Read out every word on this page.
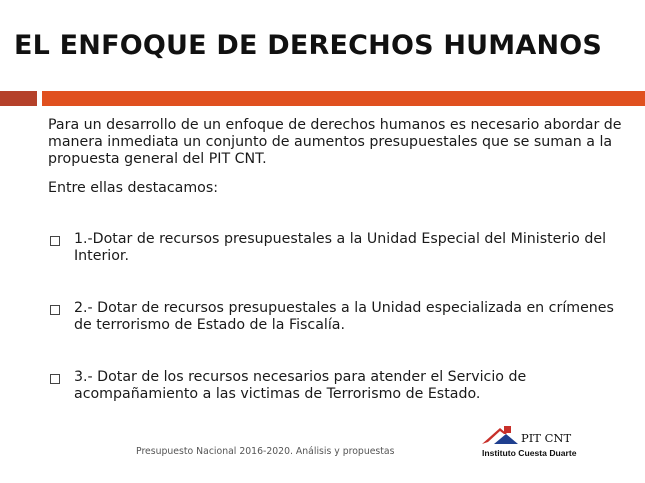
EL ENFOQUE DE DERECHOS HUMANOS
Para un desarrollo de un enfoque de derechos humanos es necesario abordar de manera inmediata un conjunto de aumentos presupuestales que se suman a la propuesta general del PIT CNT.
Entre ellas destacamos:
1.-Dotar de recursos presupuestales a la Unidad Especial del Ministerio del Interior.
2.- Dotar de recursos presupuestales a la Unidad especializada en crímenes de terrorismo de Estado de la Fiscalía.
3.- Dotar de los recursos necesarios para atender el Servicio de acompañamiento a las victimas de Terrorismo de Estado.
Presupuesto Nacional 2016-2020. Análisis y propuestas
PIT CNT
Instituto Cuesta Duarte
